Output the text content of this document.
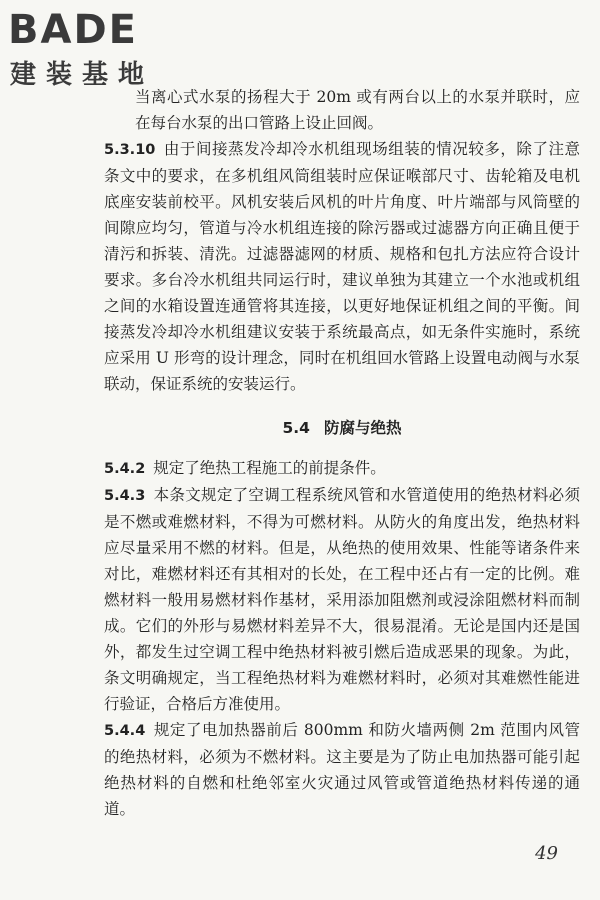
BADE
建装基地

当离心式水泵的扬程大于 20m 或有两台以上的水泵并联时，应在每台水泵的出口管路上设止回阀。

5.3.10 由于间接蒸发冷却冷水机组现场组装的情况较多，除了注意条文中的要求，在多机组风筒组装时应保证喉部尺寸、齿轮箱及电机底座安装前校平。风机安装后风机的叶片角度、叶片端部与风筒壁的间隙应均匀，管道与冷水机组连接的除污器或过滤器方向正确且便于清污和拆装、清洗。过滤器滤网的材质、规格和包扎方法应符合设计要求。多台冷水机组共同运行时，建议单独为其建立一个水池或机组之间的水箱设置连通管将其连接，以更好地保证机组之间的平衡。间接蒸发冷却冷水机组建议安装于系统最高点，如无条件实施时，系统应采用 U 形弯的设计理念，同时在机组回水管路上设置电动阀与水泵联动，保证系统的安装运行。

5.4 防腐与绝热

5.4.2 规定了绝热工程施工的前提条件。

5.4.3 本条文规定了空调工程系统风管和水管道使用的绝热材料必须是不燃或难燃材料，不得为可燃材料。从防火的角度出发，绝热材料应尽量采用不燃的材料。但是，从绝热的使用效果、性能等诸条件来对比，难燃材料还有其相对的长处，在工程中还占有一定的比例。难燃材料一般用易燃材料作基材，采用添加阻燃剂或浸涂阻燃材料而制成。它们的外形与易燃材料差异不大，很易混淆。无论是国内还是国外，都发生过空调工程中绝热材料被引燃后造成恶果的现象。为此，条文明确规定，当工程绝热材料为难燃材料时，必须对其难燃性能进行验证，合格后方准使用。

5.4.4 规定了电加热器前后 800mm 和防火墙两侧 2m 范围内风管的绝热材料，必须为不燃材料。这主要是为了防止电加热器可能引起绝热材料的自燃和杜绝邻室火灾通过风管或管道绝热材料传递的通道。

49
